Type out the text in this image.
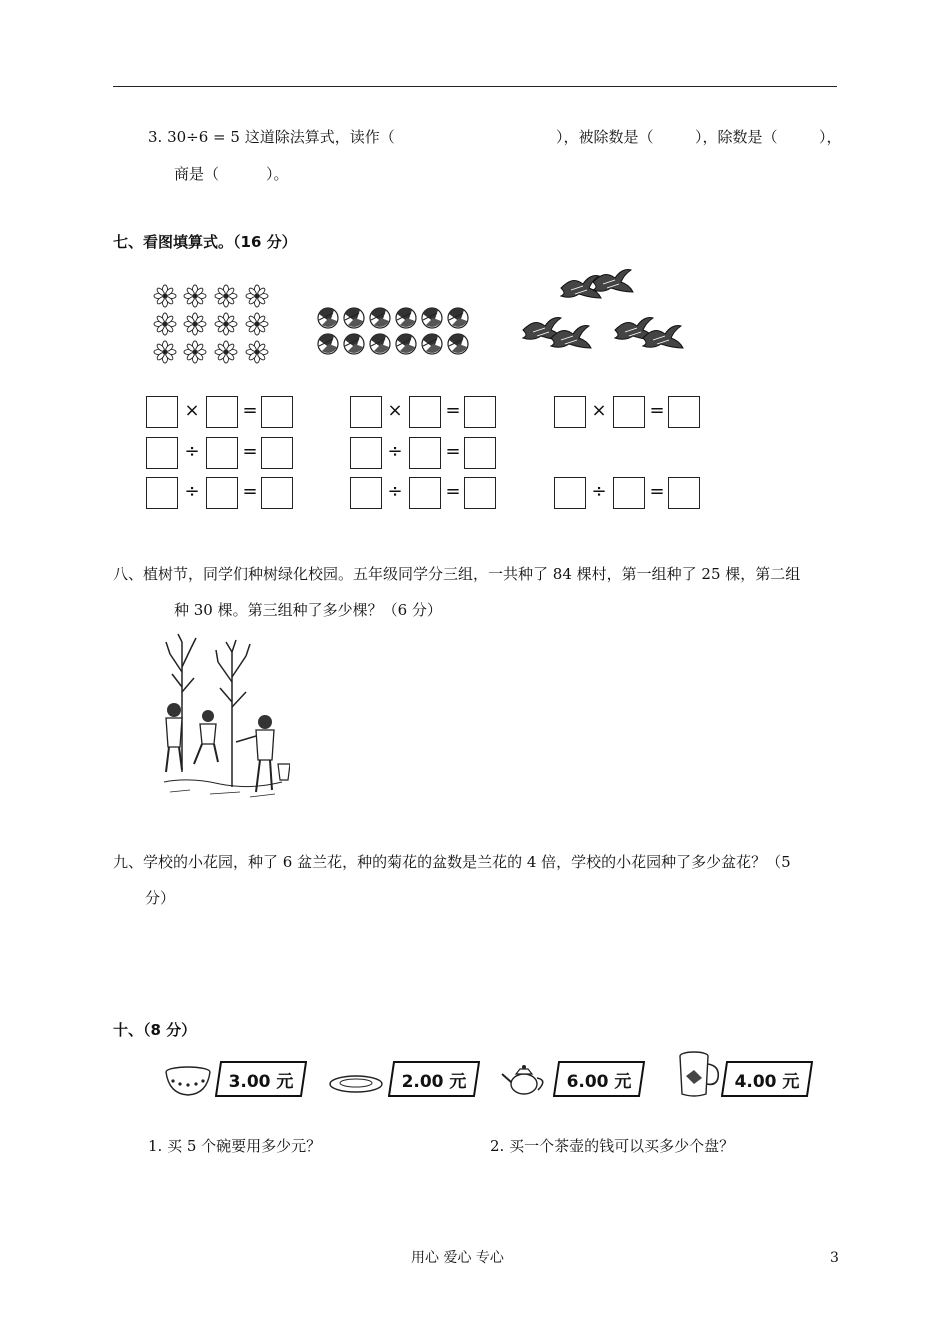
3. 30÷6 = 5 这道除法算式，读作（	），被除数是（	），除数是（	），
商是（	）。
七、看图填算式。（16 分）
× =
÷ =
÷ =
× =
÷ =
÷ =
× =
÷ =
八、植树节，同学们种树绿化校园。五年级同学分三组，一共种了 84 棵村，第一组种了 25 棵，第二组
种 30 棵。第三组种了多少棵？（6 分）
九、学校的小花园，种了 6 盆兰花，种的菊花的盆数是兰花的 4 倍，学校的小花园种了多少盆花？（5
分）
十、（8 分）
3.00 元	2.00 元	6.00 元	4.00 元
1. 买 5 个碗要用多少元？	2. 买一个茶壶的钱可以买多少个盘？
用心 爱心 专心	3
